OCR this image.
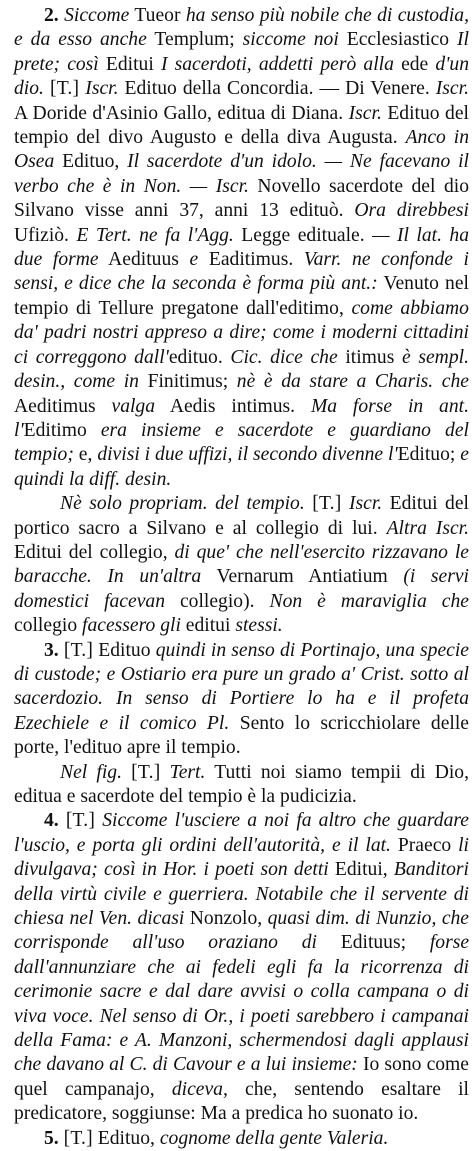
2. Siccome Tueor ha senso più nobile che di custodia, e da esso anche Templum; siccome noi Ecclesiastico Il prete; così Editui I sacerdoti, addetti però alla ede d'un dio. [T.] Iscr. Edituo della Concordia. — Di Venere. Iscr. A Doride d'Asinio Gallo, editua di Diana. Iscr. Edituo del tempio del divo Augusto e della diva Augusta. Anco in Osea Edituo, Il sacerdote d'un idolo. — Ne facevano il verbo che è in Non. — Iscr. Novello sacerdote del dio Silvano visse anni 37, anni 13 edituò. Ora direbbesi Ufiziò. E Tert. ne fa l'Agg. Legge edituale. — Il lat. ha due forme Aedituus e Eaditimus. Varr. ne confonde i sensi, e dice che la seconda è forma più ant.: Venuto nel tempio di Tellure pregatone dall'editimo, come abbiamo da' padri nostri appreso a dire; come i moderni cittadini ci correggono dall'edituo. Cic. dice che itimus è sempl. desin., come in Finitimus; nè è da stare a Charis. che Aeditimus valga Aedis intimus. Ma forse in ant. l'Editimo era insieme e sacerdote e guardiano del tempio; e, divisi i due uffizi, il secondo divenne l'Edituo; e quindi la diff. desin.

Nè solo propriam. del tempio. [T.] Iscr. Editui del portico sacro a Silvano e al collegio di lui. Altra Iscr. Editui del collegio, di que' che nell'esercito rizzavano le baracche. In un'altra Vernarum Antiatium (i servi domestici facevan collegio). Non è maraviglia che collegio facessero gli editui stessi.

3. [T.] Edituo quindi in senso di Portinajo, una specie di custode; e Ostiario era pure un grado a' Crist. sotto al sacerdozio. In senso di Portiere lo ha e il profeta Ezechiele e il comico Pl. Sento lo scricchiolare delle porte, l'edituo apre il tempio.

Nel fig. [T.] Tert. Tutti noi siamo tempii di Dio, editua e sacerdote del tempio è la pudicizia.

4. [T.] Siccome l'usciere a noi fa altro che guardare l'uscio, e porta gli ordini dell'autorità, e il lat. Praeco li divulgava; così in Hor. i poeti son detti Editui, Banditori della virtù civile e guerriera. Notabile che il servente di chiesa nel Ven. dicasi Nonzolo, quasi dim. di Nunzio, che corrisponde all'uso oraziano di Edituus; forse dall'annunziare che ai fedeli egli fa la ricorrenza di cerimonie sacre e dal dare avvisi o colla campana o di viva voce. Nel senso di Or., i poeti sarebbero i campanai della Fama: e A. Manzoni, schermendosi dagli applausi che davano al C. di Cavour e a lui insieme: Io sono come quel campanajo, diceva, che, sentendo esaltare il predicatore, soggiunse: Ma a predica ho suonato io.

5. [T.] Edituo, cognome della gente Valeria.
